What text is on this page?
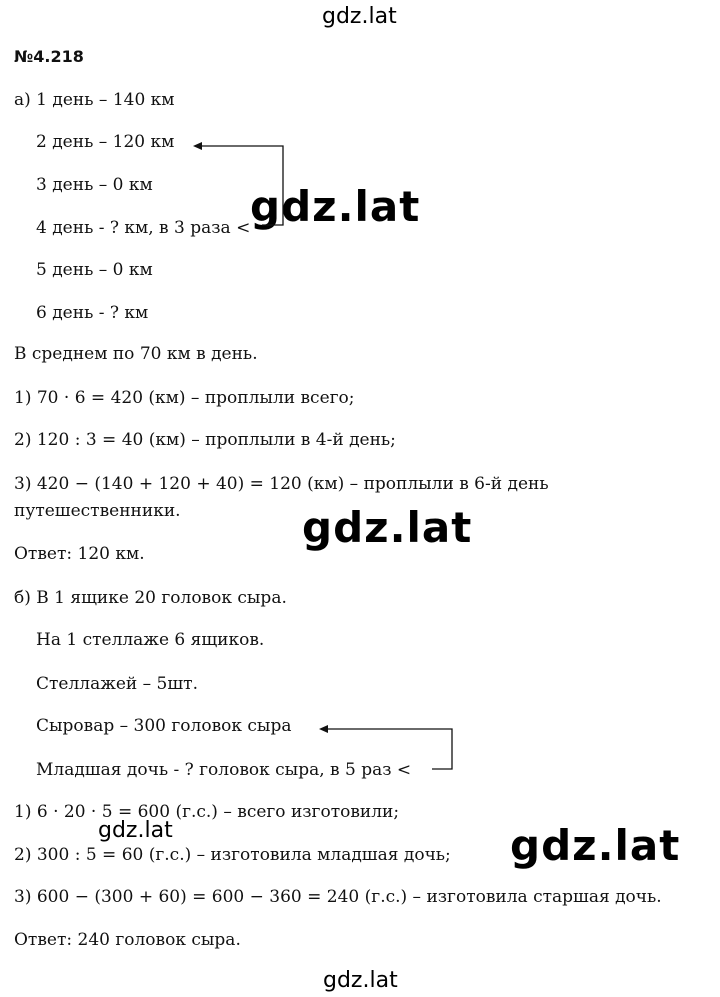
gdz.lat
gdz.lat
gdz.lat
gdz.lat	gdz.lat
gdz.lat
№4.218
а) 1 день – 140 км
2 день – 120 км
3 день – 0 км
4 день - ? км, в 3 раза <
5 день – 0 км
6 день - ? км
В среднем по 70 км в день.
1) 70 · 6 = 420 (км) – проплыли всего;
2) 120 : 3 = 40 (км) – проплыли в 4-й день;
3) 420 − (140 + 120 + 40) = 120 (км) – проплыли в 6-й день
путешественники.
Ответ: 120 км.
б) В 1 ящике 20 головок сыра.
На 1 стеллаже 6 ящиков.
Стеллажей – 5шт.
Сыровар – 300 головок сыра
Младшая дочь - ? головок сыра, в 5 раз <
1) 6 · 20 · 5 = 600 (г.с.) – всего изготовили;
2) 300 : 5 = 60 (г.с.) – изготовила младшая дочь;
3) 600 − (300 + 60) = 600 − 360 = 240 (г.с.) – изготовила старшая дочь.
Ответ: 240 головок сыра.
